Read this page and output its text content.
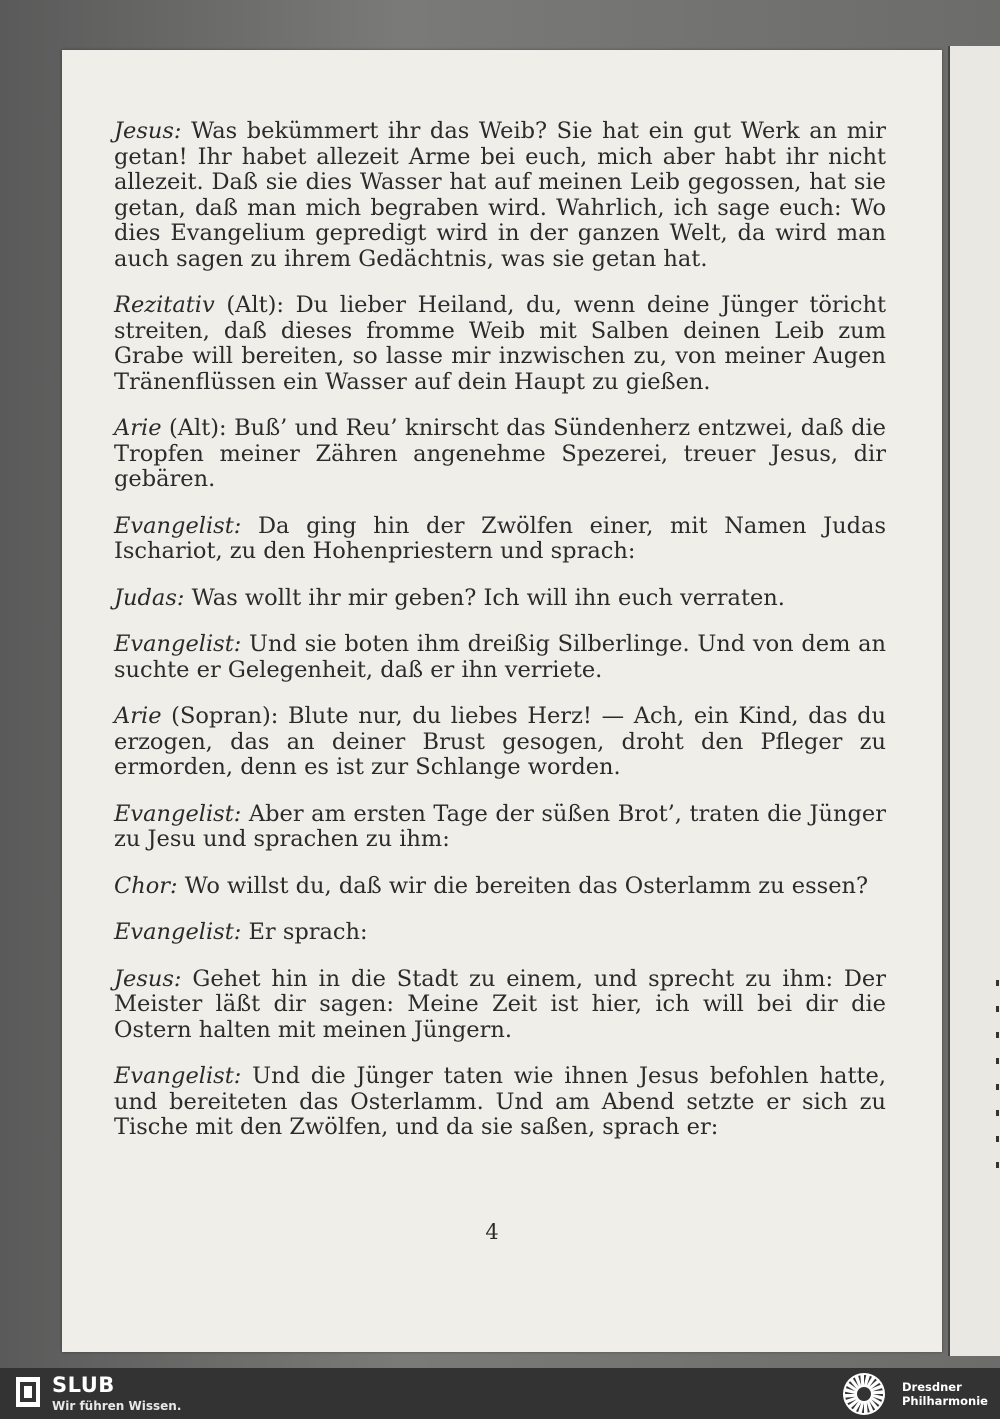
Jesus: Was bekümmert ihr das Weib? Sie hat ein gut Werk an mir getan! Ihr habet allezeit Arme bei euch, mich aber habt ihr nicht allezeit. Daß sie dies Wasser hat auf meinen Leib gegossen, hat sie getan, daß man mich begraben wird. Wahrlich, ich sage euch: Wo dies Evangelium gepredigt wird in der ganzen Welt, da wird man auch sagen zu ihrem Gedächtnis, was sie getan hat.

Rezitativ (Alt): Du lieber Heiland, du, wenn deine Jünger töricht streiten, daß dieses fromme Weib mit Salben deinen Leib zum Grabe will bereiten, so lasse mir inzwischen zu, von meiner Augen Tränenflüssen ein Wasser auf dein Haupt zu gießen.

Arie (Alt): Buß’ und Reu’ knirscht das Sündenherz entzwei, daß die Tropfen meiner Zähren angenehme Spezerei, treuer Jesus, dir gebären.

Evangelist: Da ging hin der Zwölfen einer, mit Namen Judas Ischariot, zu den Hohenpriestern und sprach:

Judas: Was wollt ihr mir geben? Ich will ihn euch verraten.

Evangelist: Und sie boten ihm dreißig Silberlinge. Und von dem an suchte er Gelegenheit, daß er ihn verriete.

Arie (Sopran): Blute nur, du liebes Herz! — Ach, ein Kind, das du erzogen, das an deiner Brust gesogen, droht den Pfleger zu ermorden, denn es ist zur Schlange worden.

Evangelist: Aber am ersten Tage der süßen Brot’, traten die Jünger zu Jesu und sprachen zu ihm:

Chor: Wo willst du, daß wir die bereiten das Osterlamm zu essen?

Evangelist: Er sprach:

Jesus: Gehet hin in die Stadt zu einem, und sprecht zu ihm: Der Meister läßt dir sagen: Meine Zeit ist hier, ich will bei dir die Ostern halten mit meinen Jüngern.

Evangelist: Und die Jünger taten wie ihnen Jesus befohlen hatte, und bereiteten das Osterlamm. Und am Abend setzte er sich zu Tische mit den Zwölfen, und da sie saßen, sprach er:

4
SLUB
Wir führen Wissen.
Dresdner
Philharmonie
